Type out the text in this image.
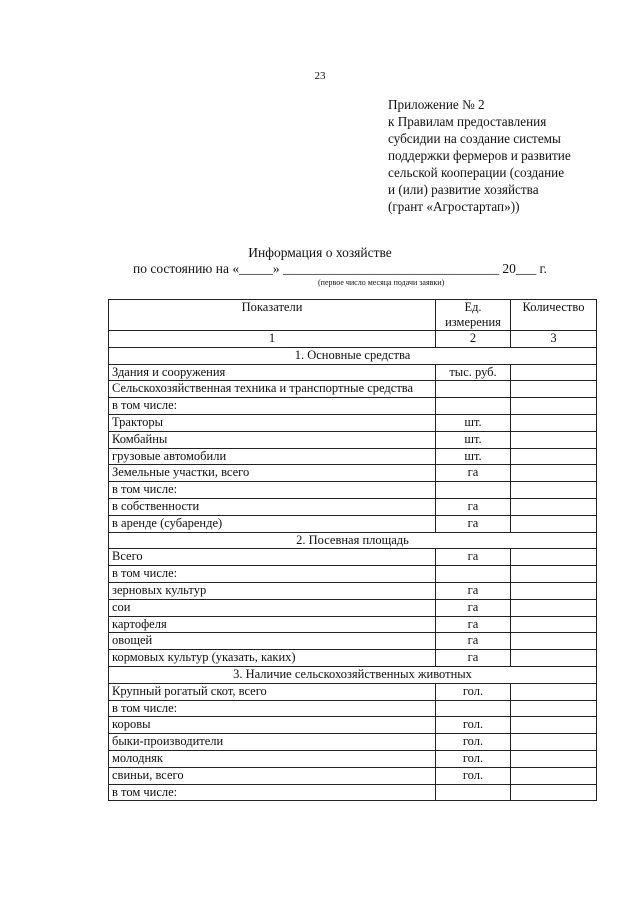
23
Приложение № 2
к Правилам предоставления
субсидии на создание системы
поддержки фермеров и развитие
сельской кооперации (создание
и (или) развитие хозяйства
(грант «Агростартап»))
Информация о хозяйстве
по состоянию на «_____» ________________________________ 20___ г.
(первое число месяца подачи заявки)
Показатели	Ед. измерения	Количество
1	2	3
1. Основные средства		
Здания и сооружения	тыс. руб.	
Сельскохозяйственная техника и транспортные средства		
в том числе:		
Тракторы	шт.	
Комбайны	шт.	
грузовые автомобили	шт.	
Земельные участки, всего	га	
в том числе:		
в собственности	га	
в аренде (субаренде)	га	
2. Посевная площадь		
Всего	га	
в том числе:		
зерновых культур	га	
сои	га	
картофеля	га	
овощей	га	
кормовых культур (указать, каких)	га	
3. Наличие сельскохозяйственных животных		
Крупный рогатый скот, всего	гол.	
в том числе:		
коровы	гол.	
быки-производители	гол.	
молодняк	гол.	
свиньи, всего	гол.	
в том числе:		
